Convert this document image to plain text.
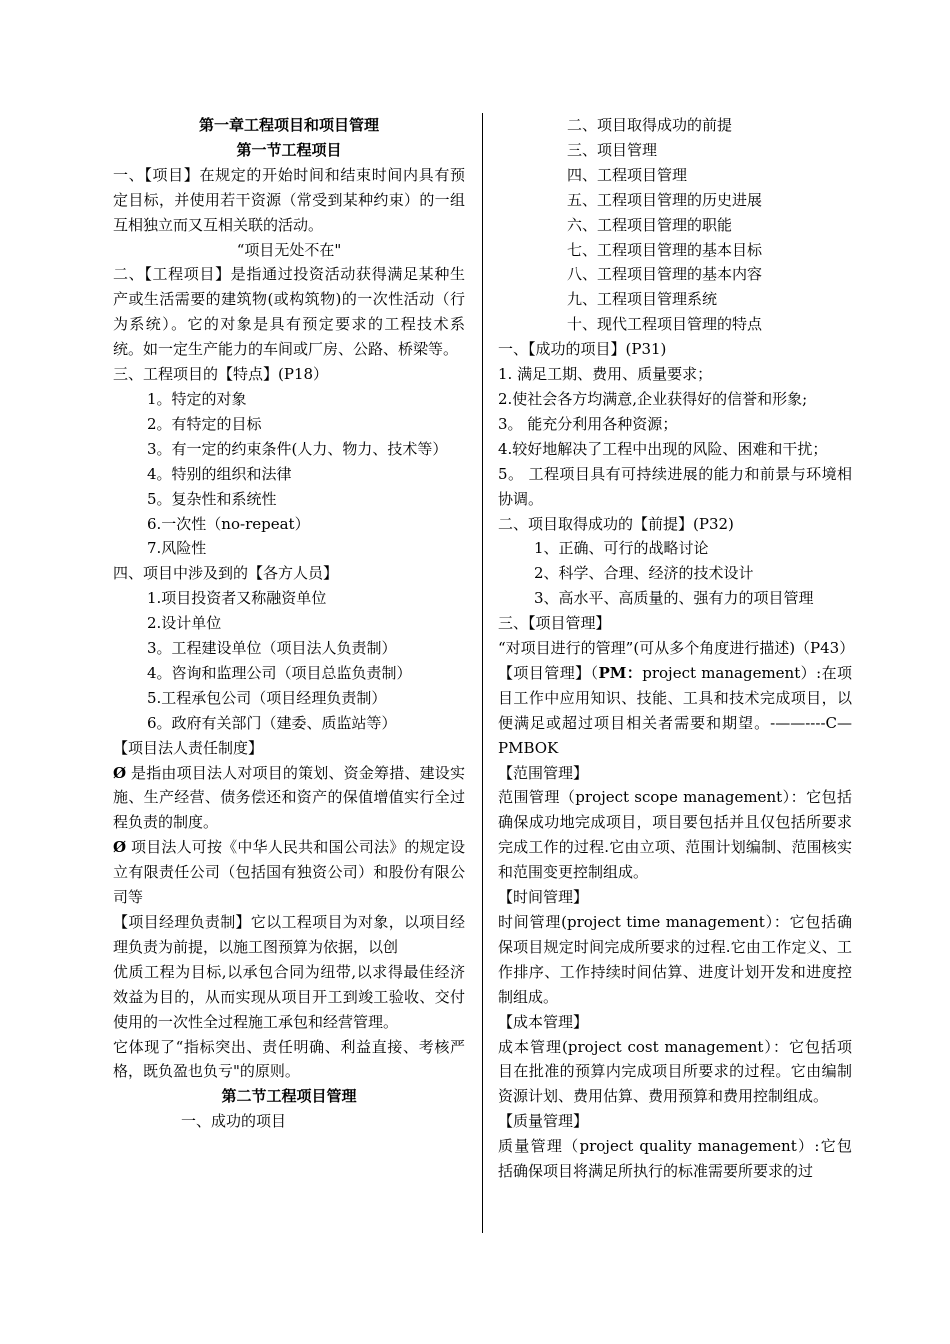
第一章工程项目和项目管理
第一节工程项目
一、【项目】在规定的开始时间和结束时间内具有预定目标，并使用若干资源（常受到某种约束）的一组互相独立而又互相关联的活动。
“项目无处不在"
二、【工程项目】是指通过投资活动获得满足某种生产或生活需要的建筑物(或构筑物)的一次性活动（行为系统）。它的对象是具有预定要求的工程技术系统。如一定生产能力的车间或厂房、公路、桥梁等。
三、工程项目的【特点】(P18）
1。特定的对象
2。有特定的目标
3。有一定的约束条件(人力、物力、技术等）
4。特别的组织和法律
5。复杂性和系统性
6.一次性（no-repeat）
7.风险性
四、项目中涉及到的【各方人员】
1.项目投资者又称融资单位
2.设计单位
3。工程建设单位（项目法人负责制）
4。咨询和监理公司（项目总监负责制）
5.工程承包公司（项目经理负责制）
6。政府有关部门（建委、质监站等）
【项目法人责任制度】
Ø 是指由项目法人对项目的策划、资金筹措、建设实施、生产经营、债务偿还和资产的保值增值实行全过程负责的制度。
Ø 项目法人可按《中华人民共和国公司法》的规定设立有限责任公司（包括国有独资公司）和股份有限公司等
【项目经理负责制】它以工程项目为对象，以项目经理负责为前提，以施工图预算为依据，以创
优质工程为目标,以承包合同为纽带,以求得最佳经济效益为目的，从而实现从项目开工到竣工验收、交付使用的一次性全过程施工承包和经营管理。
它体现了“指标突出、责任明确、利益直接、考核严格，既负盈也负亏"的原则。
第二节工程项目管理
一、成功的项目
二、项目取得成功的前提
三、项目管理
四、工程项目管理
五、工程项目管理的历史进展
六、工程项目管理的职能
七、工程项目管理的基本目标
八、工程项目管理的基本内容
九、工程项目管理系统
十、现代工程项目管理的特点
一、【成功的项目】(P31)
1. 满足工期、费用、质量要求；
2.使社会各方均满意,企业获得好的信誉和形象;
3。 能充分利用各种资源；
4.较好地解决了工程中出现的风险、困难和干扰；
5。 工程项目具有可持续进展的能力和前景与环境相协调。
二、项目取得成功的【前提】(P32)
1、正确、可行的战略讨论
2、科学、合理、经济的技术设计
3、高水平、高质量的、强有力的项目管理
三、【项目管理】
“对项目进行的管理”(可从多个角度进行描述)（P43）
【项目管理】（PM：project management）:在项目工作中应用知识、技能、工具和技术完成项目，以便满足或超过项目相关者需要和期望。-——----C—PMBOK
【范围管理】
范围管理（project scope management）：它包括确保成功地完成项目，项目要包括并且仅包括所要求完成工作的过程.它由立项、范围计划编制、范围核实和范围变更控制组成。
【时间管理】
时间管理(project time management）：它包括确保项目规定时间完成所要求的过程.它由工作定义、工作排序、工作持续时间估算、进度计划开发和进度控制组成。
【成本管理】
成本管理(project cost management）：它包括项目在批准的预算内完成项目所要求的过程。它由编制资源计划、费用估算、费用预算和费用控制组成。
【质量管理】
质量管理（project quality management）:它包括确保项目将满足所执行的标准需要所要求的过
